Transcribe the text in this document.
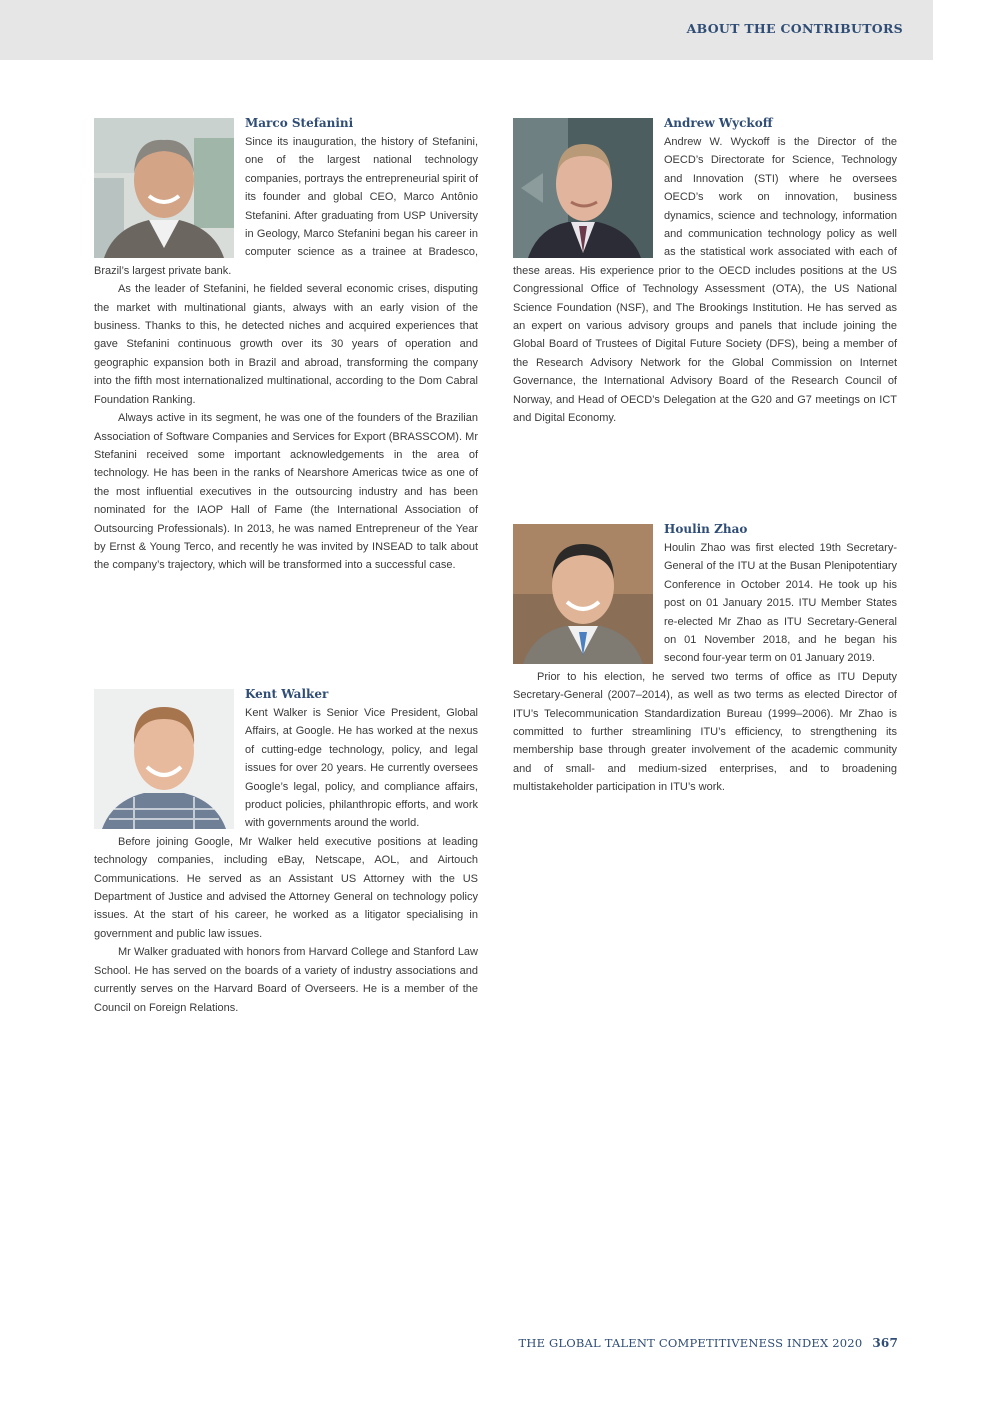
ABOUT THE CONTRIBUTORS
Marco Stefanini

Since its inauguration, the history of Stefanini, one of the largest national technology companies, portrays the entrepreneurial spirit of its founder and global CEO, Marco Antônio Stefanini. After graduating from USP University in Geology, Marco Stefanini began his career in computer science as a trainee at Bradesco, Brazil’s largest private bank.

As the leader of Stefanini, he fielded several economic crises, disputing the market with multinational giants, always with an early vision of the business. Thanks to this, he detected niches and acquired experiences that gave Stefanini continuous growth over its 30 years of operation and geographic expansion both in Brazil and abroad, transforming the company into the fifth most internationalized multinational, according to the Dom Cabral Foundation Ranking.

Always active in its segment, he was one of the founders of the Brazilian Association of Software Companies and Services for Export (BRASSCOM). Mr Stefanini received some important acknowledgements in the area of technology. He has been in the ranks of Nearshore Americas twice as one of the most influential executives in the outsourcing industry and has been nominated for the IAOP Hall of Fame (the International Association of Outsourcing Professionals). In 2013, he was named Entrepreneur of the Year by Ernst & Young Terco, and recently he was invited by INSEAD to talk about the company’s trajectory, which will be transformed into a successful case.

Andrew Wyckoff

Andrew W. Wyckoff is the Director of the OECD’s Directorate for Science, Technology and Innovation (STI) where he oversees OECD’s work on innovation, business dynamics, science and technology, information and communication technology policy as well as the statistical work associated with each of these areas. His experience prior to the OECD includes positions at the US Congressional Office of Technology Assessment (OTA), the US National Science Foundation (NSF), and The Brookings Institution. He has served as an expert on various advisory groups and panels that include joining the Global Board of Trustees of Digital Future Society (DFS), being a member of the Research Advisory Network for the Global Commission on Internet Governance, the International Advisory Board of the Research Council of Norway, and Head of OECD’s Delegation at the G20 and G7 meetings on ICT and Digital Economy.

Houlin Zhao

Houlin Zhao was first elected 19th Secretary-General of the ITU at the Busan Plenipotentiary Conference in October 2014. He took up his post on 01 January 2015. ITU Member States re-elected Mr Zhao as ITU Secretary-General on 01 November 2018, and he began his second four-year term on 01 January 2019.

Prior to his election, he served two terms of office as ITU Deputy Secretary-General (2007–2014), as well as two terms as elected Director of ITU’s Telecommunication Standardization Bureau (1999–2006). Mr Zhao is committed to further streamlining ITU’s efficiency, to strengthening its membership base through greater involvement of the academic community and of small- and medium-sized enterprises, and to broadening multistakeholder participation in ITU’s work.

Kent Walker

Kent Walker is Senior Vice President, Global Affairs, at Google. He has worked at the nexus of cutting-edge technology, policy, and legal issues for over 20 years. He currently oversees Google’s legal, policy, and compliance affairs, product policies, philanthropic efforts, and work with governments around the world.

Before joining Google, Mr Walker held executive positions at leading technology companies, including eBay, Netscape, AOL, and Airtouch Communications. He served as an Assistant US Attorney with the US Department of Justice and advised the Attorney General on technology policy issues. At the start of his career, he worked as a litigator specialising in government and public law issues.

Mr Walker graduated with honors from Harvard College and Stanford Law School. He has served on the boards of a variety of industry associations and currently serves on the Harvard Board of Overseers. He is a member of the Council on Foreign Relations.

THE GLOBAL TALENT COMPETITIVENESS INDEX 2020 367
